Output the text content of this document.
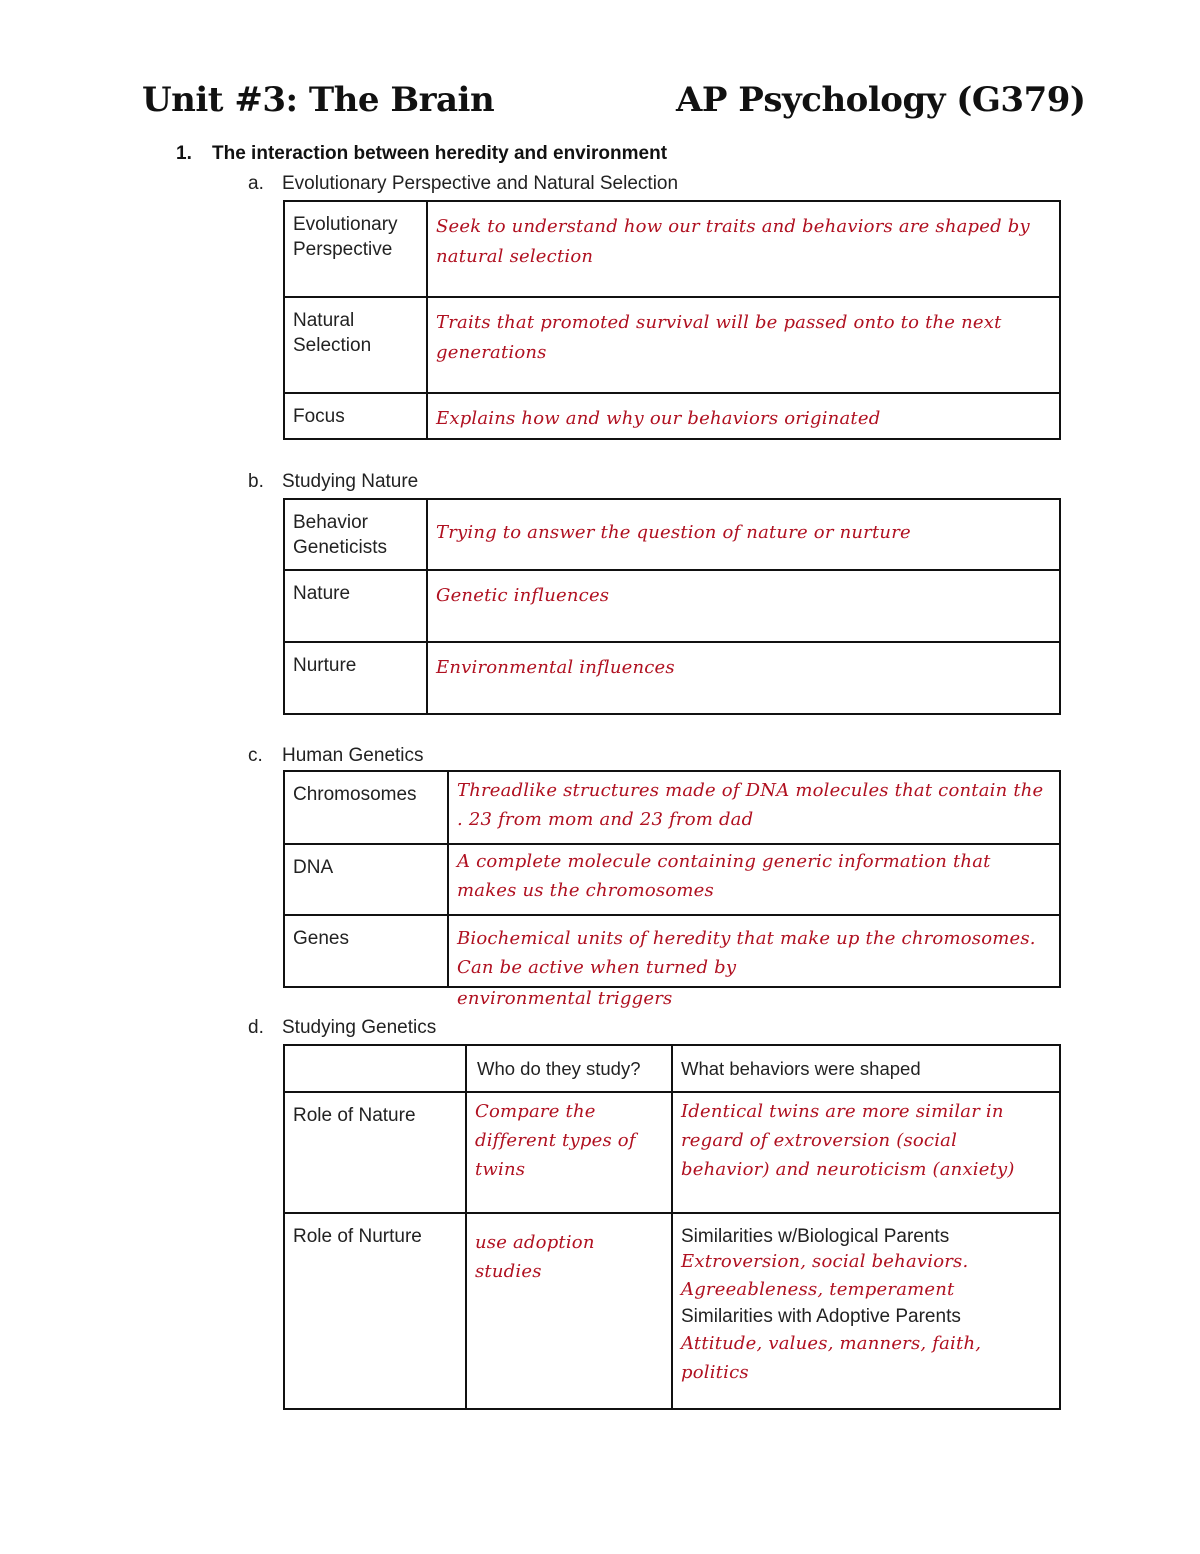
Unit #3: The Brain	AP Psychology (G379)
1. The interaction between heredity and environment
a. Evolutionary Perspective and Natural Selection
Evolutionary Perspective	Seek to understand how our traits and behaviors are shaped by natural selection
Natural Selection	Traits that promoted survival will be passed onto to the next generations
Focus	Explains how and why our behaviors originated
b. Studying Nature
Behavior Geneticists	Trying to answer the question of nature or nurture
Nature	Genetic influences
Nurture	Environmental influences
c. Human Genetics
Chromosomes	Threadlike structures made of DNA molecules that contain the . 23 from mom and 23 from dad
DNA	A complete molecule containing generic information that makes us the chromosomes
Genes	Biochemical units of heredity that make up the chromosomes. Can be active when turned by
environmental triggers
d. Studying Genetics
	Who do they study?	What behaviors were shaped
Role of Nature	Compare the different types of twins	Identical twins are more similar in regard of extroversion (social behavior) and neuroticism (anxiety)
Role of Nurture	use adoption studies	Similarities w/Biological Parents
Extroversion, social behaviors.
Agreeableness, temperament
Similarities with Adoptive Parents
Attitude, values, manners, faith, politics
